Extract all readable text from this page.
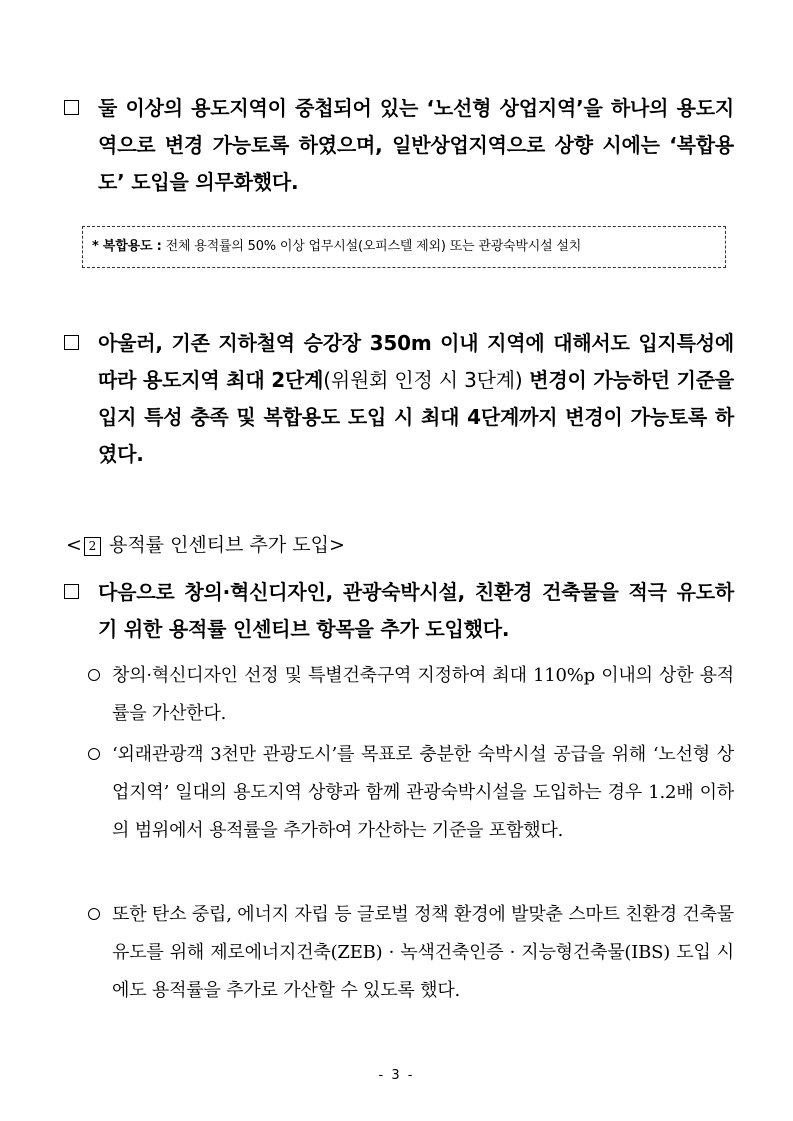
둘 이상의 용도지역이 중첩되어 있는 ‘노선형 상업지역’을 하나의 용도지역으로 변경 가능토록 하였으며, 일반상업지역으로 상향 시에는 ‘복합용도’ 도입을 의무화했다.
* 복합용도 : 전체 용적률의 50% 이상 업무시설(오피스텔 제외) 또는 관광숙박시설 설치
아울러, 기존 지하철역 승강장 350m 이내 지역에 대해서도 입지특성에 따라 용도지역 최대 2단계(위원회 인정 시 3단계) 변경이 가능하던 기준을 입지 특성 충족 및 복합용도 도입 시 최대 4단계까지 변경이 가능토록 하였다.
< 2 용적률 인센티브 추가 도입>
다음으로 창의·혁신디자인, 관광숙박시설, 친환경 건축물을 적극 유도하기 위한 용적률 인센티브 항목을 추가 도입했다.
창의·혁신디자인 선정 및 특별건축구역 지정하여 최대 110%p 이내의 상한 용적률을 가산한다.
‘외래관광객 3천만 관광도시’를 목표로 충분한 숙박시설 공급을 위해 ‘노선형 상업지역’ 일대의 용도지역 상향과 함께 관광숙박시설을 도입하는 경우 1.2배 이하의 범위에서 용적률을 추가하여 가산하는 기준을 포함했다.
또한 탄소 중립, 에너지 자립 등 글로벌 정책 환경에 발맞춘 스마트 친환경 건축물 유도를 위해 제로에너지건축(ZEB) · 녹색건축인증 · 지능형건축물(IBS) 도입 시에도 용적률을 추가로 가산할 수 있도록 했다.
- 3 -
